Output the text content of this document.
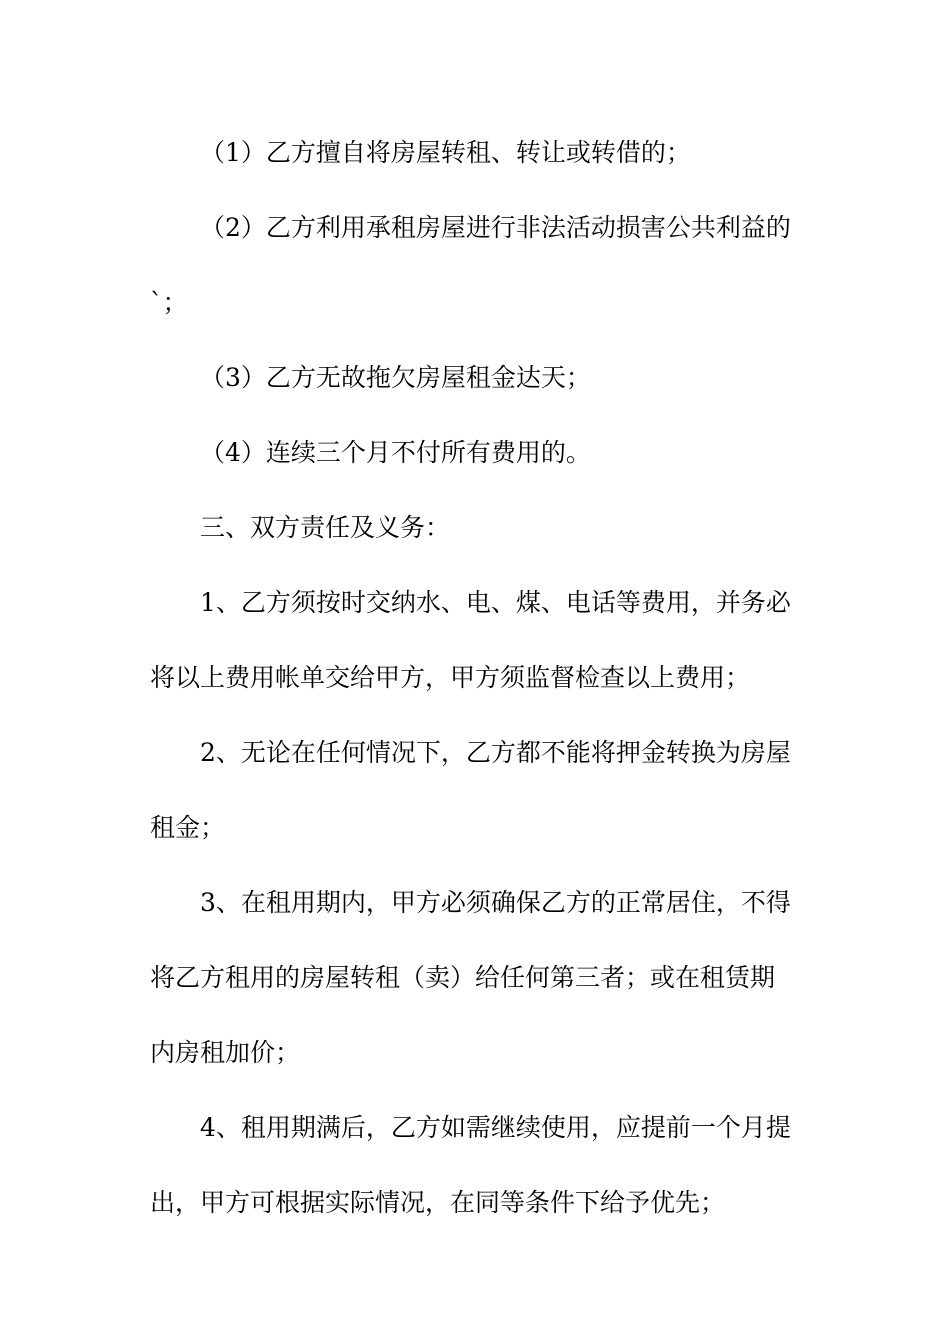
（1）乙方擅自将房屋转租、转让或转借的；
（2）乙方利用承租房屋进行非法活动损害公共利益的
`；
（3）乙方无故拖欠房屋租金达天；
（4）连续三个月不付所有费用的。
三、双方责任及义务：
1、乙方须按时交纳水、电、煤、电话等费用，并务必
将以上费用帐单交给甲方，甲方须监督检查以上费用；
2、无论在任何情况下，乙方都不能将押金转换为房屋
租金；
3、在租用期内，甲方必须确保乙方的正常居住，不得
将乙方租用的房屋转租（卖）给任何第三者；或在租赁期
内房租加价；
4、租用期满后，乙方如需继续使用，应提前一个月提
出，甲方可根据实际情况，在同等条件下给予优先；
